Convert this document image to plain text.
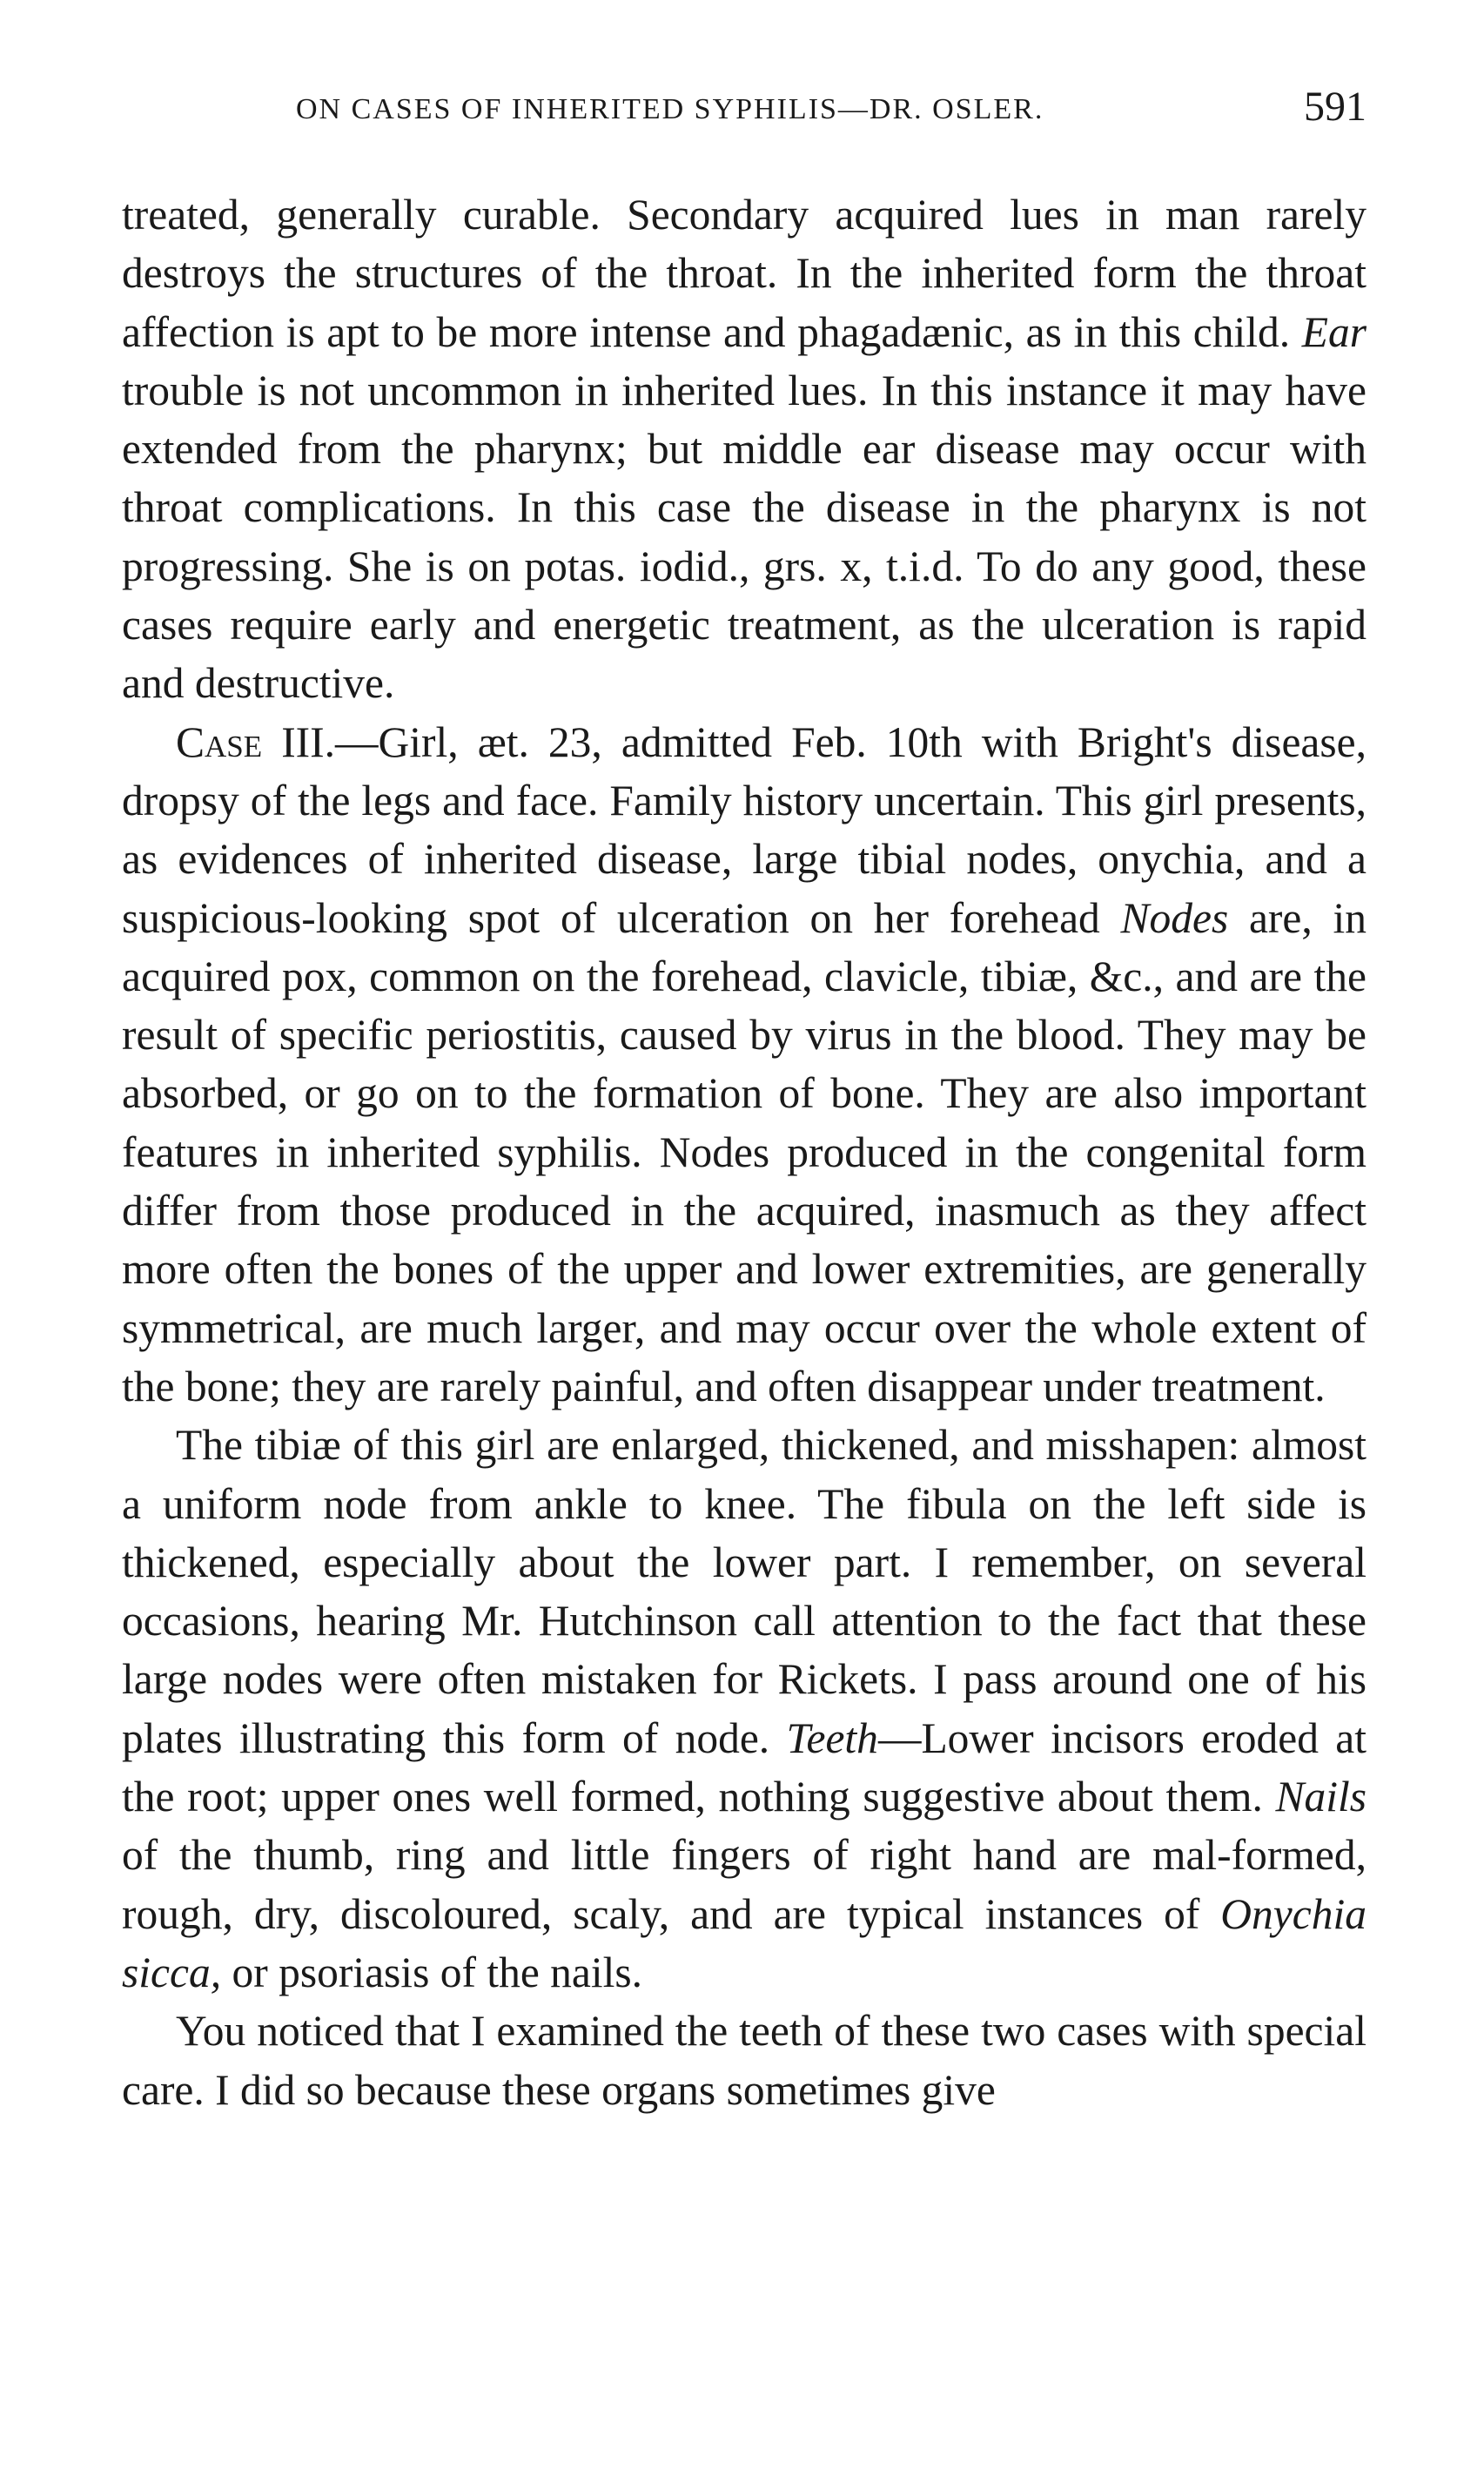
ON CASES OF INHERITED SYPHILIS—DR. OSLER.	591

treated, generally curable. Secondary acquired lues in man rarely destroys the structures of the throat. In the inherited form the throat affection is apt to be more intense and phagadænic, as in this child. Ear trouble is not uncommon in inherited lues. In this instance it may have extended from the pharynx; but middle ear disease may occur with throat complications. In this case the disease in the pharynx is not progressing. She is on potas. iodid., grs. x, t.i.d. To do any good, these cases require early and energetic treatment, as the ulceration is rapid and destructive.

Case III.—Girl, æt. 23, admitted Feb. 10th with Bright's disease, dropsy of the legs and face. Family history uncertain. This girl presents, as evidences of inherited disease, large tibial nodes, onychia, and a suspicious-looking spot of ulceration on her forehead Nodes are, in acquired pox, common on the forehead, clavicle, tibiæ, &c., and are the result of specific periostitis, caused by virus in the blood. They may be absorbed, or go on to the formation of bone. They are also important features in inherited syphilis. Nodes produced in the congenital form differ from those produced in the acquired, inasmuch as they affect more often the bones of the upper and lower extremities, are generally symmetrical, are much larger, and may occur over the whole extent of the bone; they are rarely painful, and often disappear under treatment.

The tibiæ of this girl are enlarged, thickened, and misshapen: almost a uniform node from ankle to knee. The fibula on the left side is thickened, especially about the lower part. I remember, on several occasions, hearing Mr. Hutchinson call attention to the fact that these large nodes were often mistaken for Rickets. I pass around one of his plates illustrating this form of node. Teeth—Lower incisors eroded at the root; upper ones well formed, nothing suggestive about them. Nails of the thumb, ring and little fingers of right hand are mal-formed, rough, dry, discoloured, scaly, and are typical instances of Onychia sicca, or psoriasis of the nails.

You noticed that I examined the teeth of these two cases with special care. I did so because these organs sometimes give
